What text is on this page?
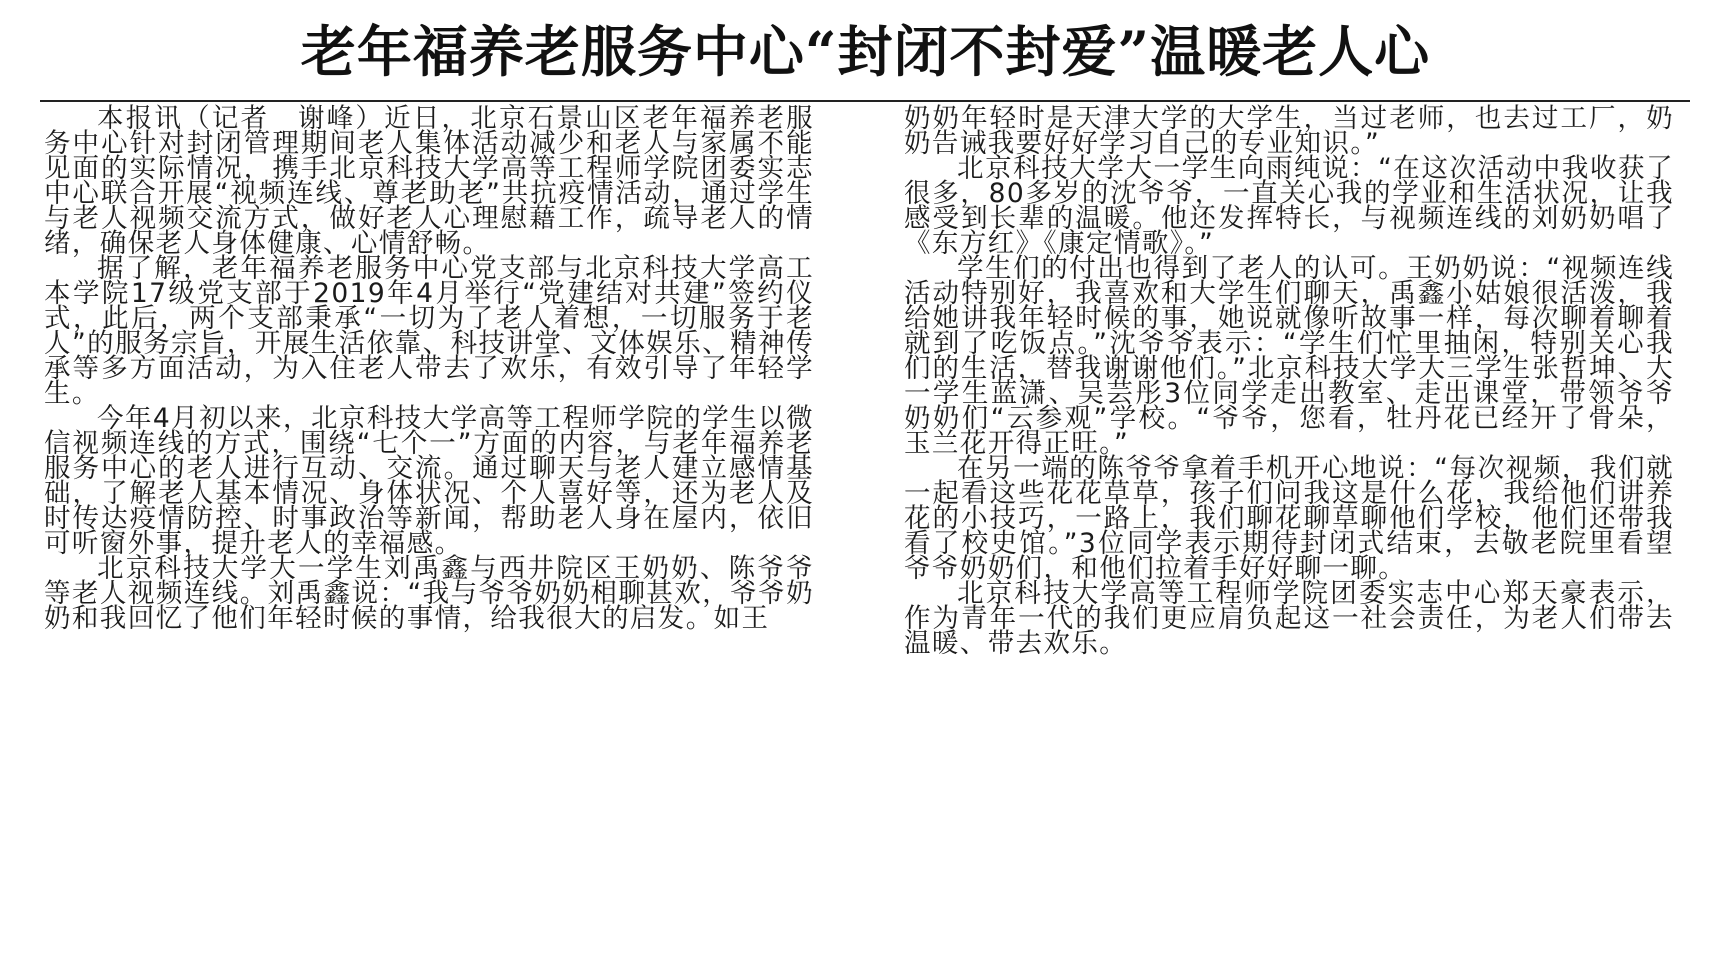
老年福养老服务中心“封闭不封爱”温暖老人心

本报讯（记者　谢峰）近日，北京石景山区老年福养老服务中心针对封闭管理期间老人集体活动减少和老人与家属不能见面的实际情况，携手北京科技大学高等工程师学院团委实志中心联合开展“视频连线、尊老助老”共抗疫情活动，通过学生与老人视频交流方式，做好老人心理慰藉工作，疏导老人的情绪，确保老人身体健康、心情舒畅。

据了解，老年福养老服务中心党支部与北京科技大学高工本学院17级党支部于2019年4月举行“党建结对共建”签约仪式，此后，两个支部秉承“一切为了老人着想，一切服务于老人”的服务宗旨，开展生活依靠、科技讲堂、文体娱乐、精神传承等多方面活动，为入住老人带去了欢乐，有效引导了年轻学生。

今年4月初以来，北京科技大学高等工程师学院的学生以微信视频连线的方式，围绕“七个一”方面的内容，与老年福养老服务中心的老人进行互动、交流。通过聊天与老人建立感情基础，了解老人基本情况、身体状况、个人喜好等，还为老人及时传达疫情防控、时事政治等新闻，帮助老人身在屋内，依旧可听窗外事，提升老人的幸福感。

北京科技大学大一学生刘禹鑫与西井院区王奶奶、陈爷爷等老人视频连线。刘禹鑫说：“我与爷爷奶奶相聊甚欢，爷爷奶奶和我回忆了他们年轻时候的事情，给我很大的启发。如王

奶奶年轻时是天津大学的大学生，当过老师，也去过工厂，奶奶告诫我要好好学习自己的专业知识。”

北京科技大学大一学生向雨纯说：“在这次活动中我收获了很多，80多岁的沈爷爷，一直关心我的学业和生活状况，让我感受到长辈的温暖。他还发挥特长，与视频连线的刘奶奶唱了《东方红》《康定情歌》。”

学生们的付出也得到了老人的认可。王奶奶说：“视频连线活动特别好，我喜欢和大学生们聊天，禹鑫小姑娘很活泼，我给她讲我年轻时候的事，她说就像听故事一样，每次聊着聊着就到了吃饭点。”沈爷爷表示：“学生们忙里抽闲，特别关心我们的生活，替我谢谢他们。”北京科技大学大三学生张哲坤、大一学生蓝潇、吴芸彤3位同学走出教室、走出课堂，带领爷爷奶奶们“云参观”学校。“爷爷，您看，牡丹花已经开了骨朵，玉兰花开得正旺。”

在另一端的陈爷爷拿着手机开心地说：“每次视频，我们就一起看这些花花草草，孩子们问我这是什么花，我给他们讲养花的小技巧，一路上，我们聊花聊草聊他们学校，他们还带我看了校史馆。”3位同学表示期待封闭式结束，去敬老院里看望爷爷奶奶们，和他们拉着手好好聊一聊。

北京科技大学高等工程师学院团委实志中心郑天豪表示，作为青年一代的我们更应肩负起这一社会责任，为老人们带去温暖、带去欢乐。
